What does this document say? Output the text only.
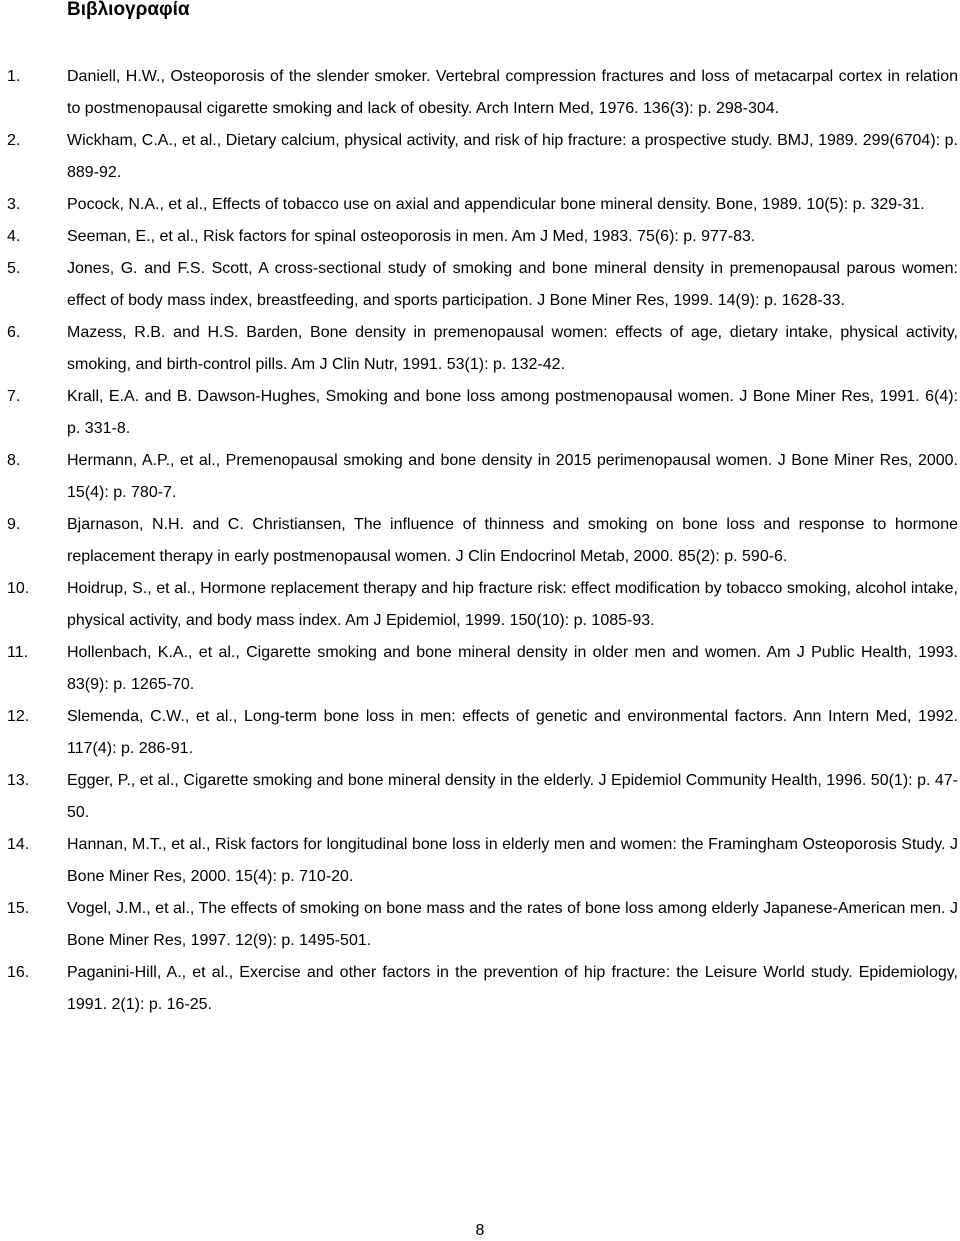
Βιβλιογραφία
1.	Daniell, H.W., Osteoporosis of the slender smoker. Vertebral compression fractures and loss of metacarpal cortex in relation to postmenopausal cigarette smoking and lack of obesity. Arch Intern Med, 1976. 136(3): p. 298-304.
2.	Wickham, C.A., et al., Dietary calcium, physical activity, and risk of hip fracture: a prospective study. BMJ, 1989. 299(6704): p. 889-92.
3.	Pocock, N.A., et al., Effects of tobacco use on axial and appendicular bone mineral density. Bone, 1989. 10(5): p. 329-31.
4.	Seeman, E., et al., Risk factors for spinal osteoporosis in men. Am J Med, 1983. 75(6): p. 977-83.
5.	Jones, G. and F.S. Scott, A cross-sectional study of smoking and bone mineral density in premenopausal parous women: effect of body mass index, breastfeeding, and sports participation. J Bone Miner Res, 1999. 14(9): p. 1628-33.
6.	Mazess, R.B. and H.S. Barden, Bone density in premenopausal women: effects of age, dietary intake, physical activity, smoking, and birth-control pills. Am J Clin Nutr, 1991. 53(1): p. 132-42.
7.	Krall, E.A. and B. Dawson-Hughes, Smoking and bone loss among postmenopausal women. J Bone Miner Res, 1991. 6(4): p. 331-8.
8.	Hermann, A.P., et al., Premenopausal smoking and bone density in 2015 perimenopausal women. J Bone Miner Res, 2000. 15(4): p. 780-7.
9.	Bjarnason, N.H. and C. Christiansen, The influence of thinness and smoking on bone loss and response to hormone replacement therapy in early postmenopausal women. J Clin Endocrinol Metab, 2000. 85(2): p. 590-6.
10.	Hoidrup, S., et al., Hormone replacement therapy and hip fracture risk: effect modification by tobacco smoking, alcohol intake, physical activity, and body mass index. Am J Epidemiol, 1999. 150(10): p. 1085-93.
11.	Hollenbach, K.A., et al., Cigarette smoking and bone mineral density in older men and women. Am J Public Health, 1993. 83(9): p. 1265-70.
12.	Slemenda, C.W., et al., Long-term bone loss in men: effects of genetic and environmental factors. Ann Intern Med, 1992. 117(4): p. 286-91.
13.	Egger, P., et al., Cigarette smoking and bone mineral density in the elderly. J Epidemiol Community Health, 1996. 50(1): p. 47-50.
14.	Hannan, M.T., et al., Risk factors for longitudinal bone loss in elderly men and women: the Framingham Osteoporosis Study. J Bone Miner Res, 2000. 15(4): p. 710-20.
15.	Vogel, J.M., et al., The effects of smoking on bone mass and the rates of bone loss among elderly Japanese-American men. J Bone Miner Res, 1997. 12(9): p. 1495-501.
16.	Paganini-Hill, A., et al., Exercise and other factors in the prevention of hip fracture: the Leisure World study. Epidemiology, 1991. 2(1): p. 16-25.
8
